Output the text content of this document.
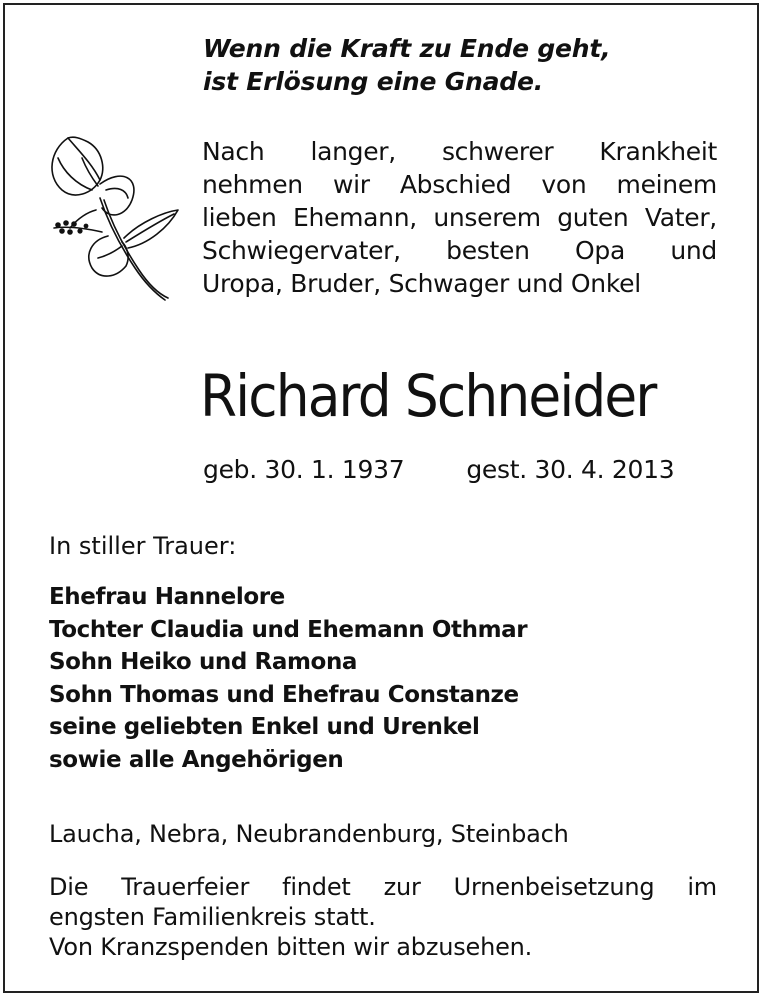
Wenn die Kraft zu Ende geht,
ist Erlösung eine Gnade.
Nach langer, schwerer Krankheit
nehmen wir Abschied von meinem
lieben Ehemann, unserem guten Vater,
Schwiegervater, besten Opa und
Uropa, Bruder, Schwager und Onkel
Richard Schneider
geb. 30. 1. 1937 gest. 30. 4. 2013
In stiller Trauer:
Ehefrau Hannelore
Tochter Claudia und Ehemann Othmar
Sohn Heiko und Ramona
Sohn Thomas und Ehefrau Constanze
seine geliebten Enkel und Urenkel
sowie alle Angehörigen
Laucha, Nebra, Neubrandenburg, Steinbach
Die Trauerfeier findet zur Urnenbeisetzung im
engsten Familienkreis statt.
Von Kranzspenden bitten wir abzusehen.
